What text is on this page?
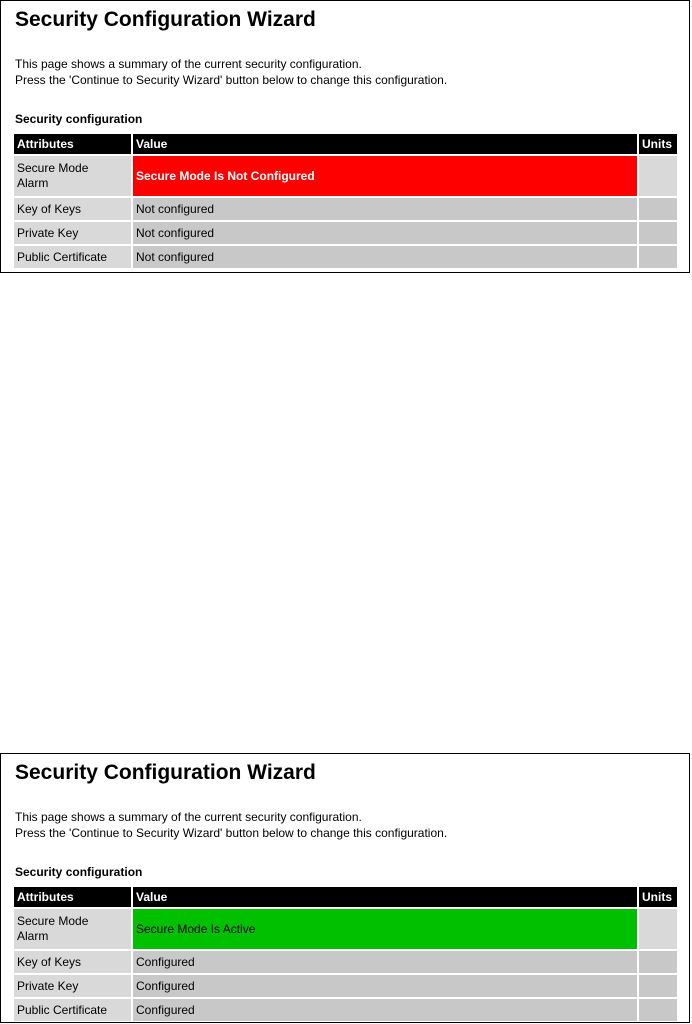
Security Configuration Wizard
This page shows a summary of the current security configuration.
Press the 'Continue to Security Wizard' button below to change this configuration.
Security configuration
Attributes	Value	Units

Secure Mode
Alarm	Secure Mode Is Not Configured	
Key of Keys	Not configured	
Private Key	Not configured	
Public Certificate	Not configured	
Security Configuration Wizard
This page shows a summary of the current security configuration.
Press the 'Continue to Security Wizard' button below to change this configuration.
Security configuration
Attributes	Value	Units

Secure Mode
Alarm	Secure Mode Is Active	
Key of Keys	Configured	
Private Key	Configured	
Public Certificate	Configured	
